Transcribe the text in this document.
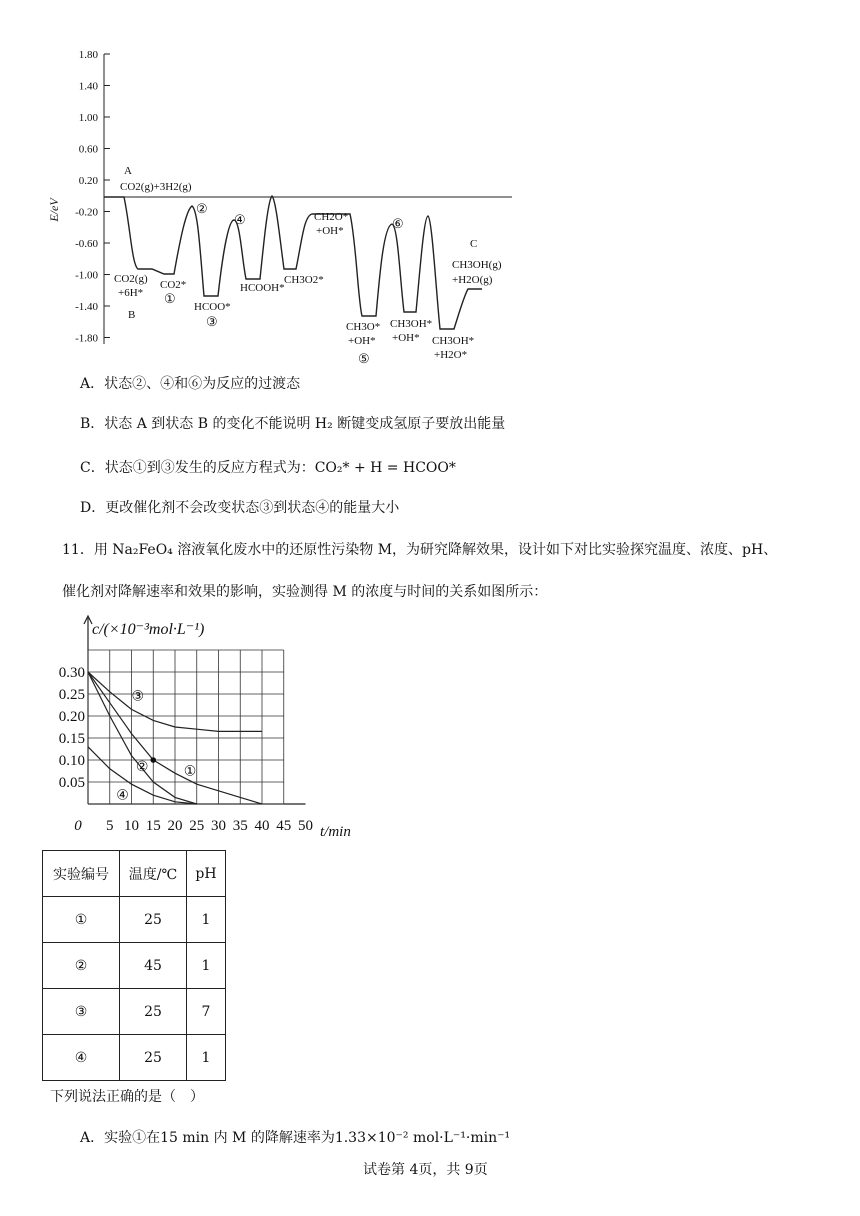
1.80
1.40
1.00
0.60
0.20
-0.20
-0.60
-1.00
-1.40
-1.80
E/eV
A
CO2(g)+3H2(g)
CO2(g)
+6H*
B
CO2*
①
②
HCOO*
③
④
HCOOH*
CH3O2*
CH2O*
+OH*
CH3O*
+OH*
⑤
⑥
CH3OH*
+OH* CH3OH*
+H2O*
C
CH3OH(g)
+H2O(g)
A．状态②、④和⑥为反应的过渡态
B．状态 A 到状态 B 的变化不能说明 H₂ 断键变成氢原子要放出能量
C．状态①到③发生的反应方程式为：CO₂* + H = HCOO*
D．更改催化剂不会改变状态③到状态④的能量大小
11．用 Na₂FeO₄ 溶液氧化废水中的还原性污染物 M，为研究降解效果，设计如下对比实验探究温度、浓度、pH、
催化剂对降解速率和效果的影响，实验测得 M 的浓度与时间的关系如图所示：
c/(×10⁻³mol·L⁻¹)
0.30
0.25
0.20
0.15
0.10
0.05
0 5 10 15 20 25 30 35 40 45 50
①
②
③
④
t/min
实验编号	温度/℃	pH
①	25	1
②	45	1
③	25	7
④	25	1
下列说法正确的是（　）
A．实验①在15 min 内 M 的降解速率为1.33×10⁻² mol·L⁻¹·min⁻¹
试卷第 4页，共 9页
